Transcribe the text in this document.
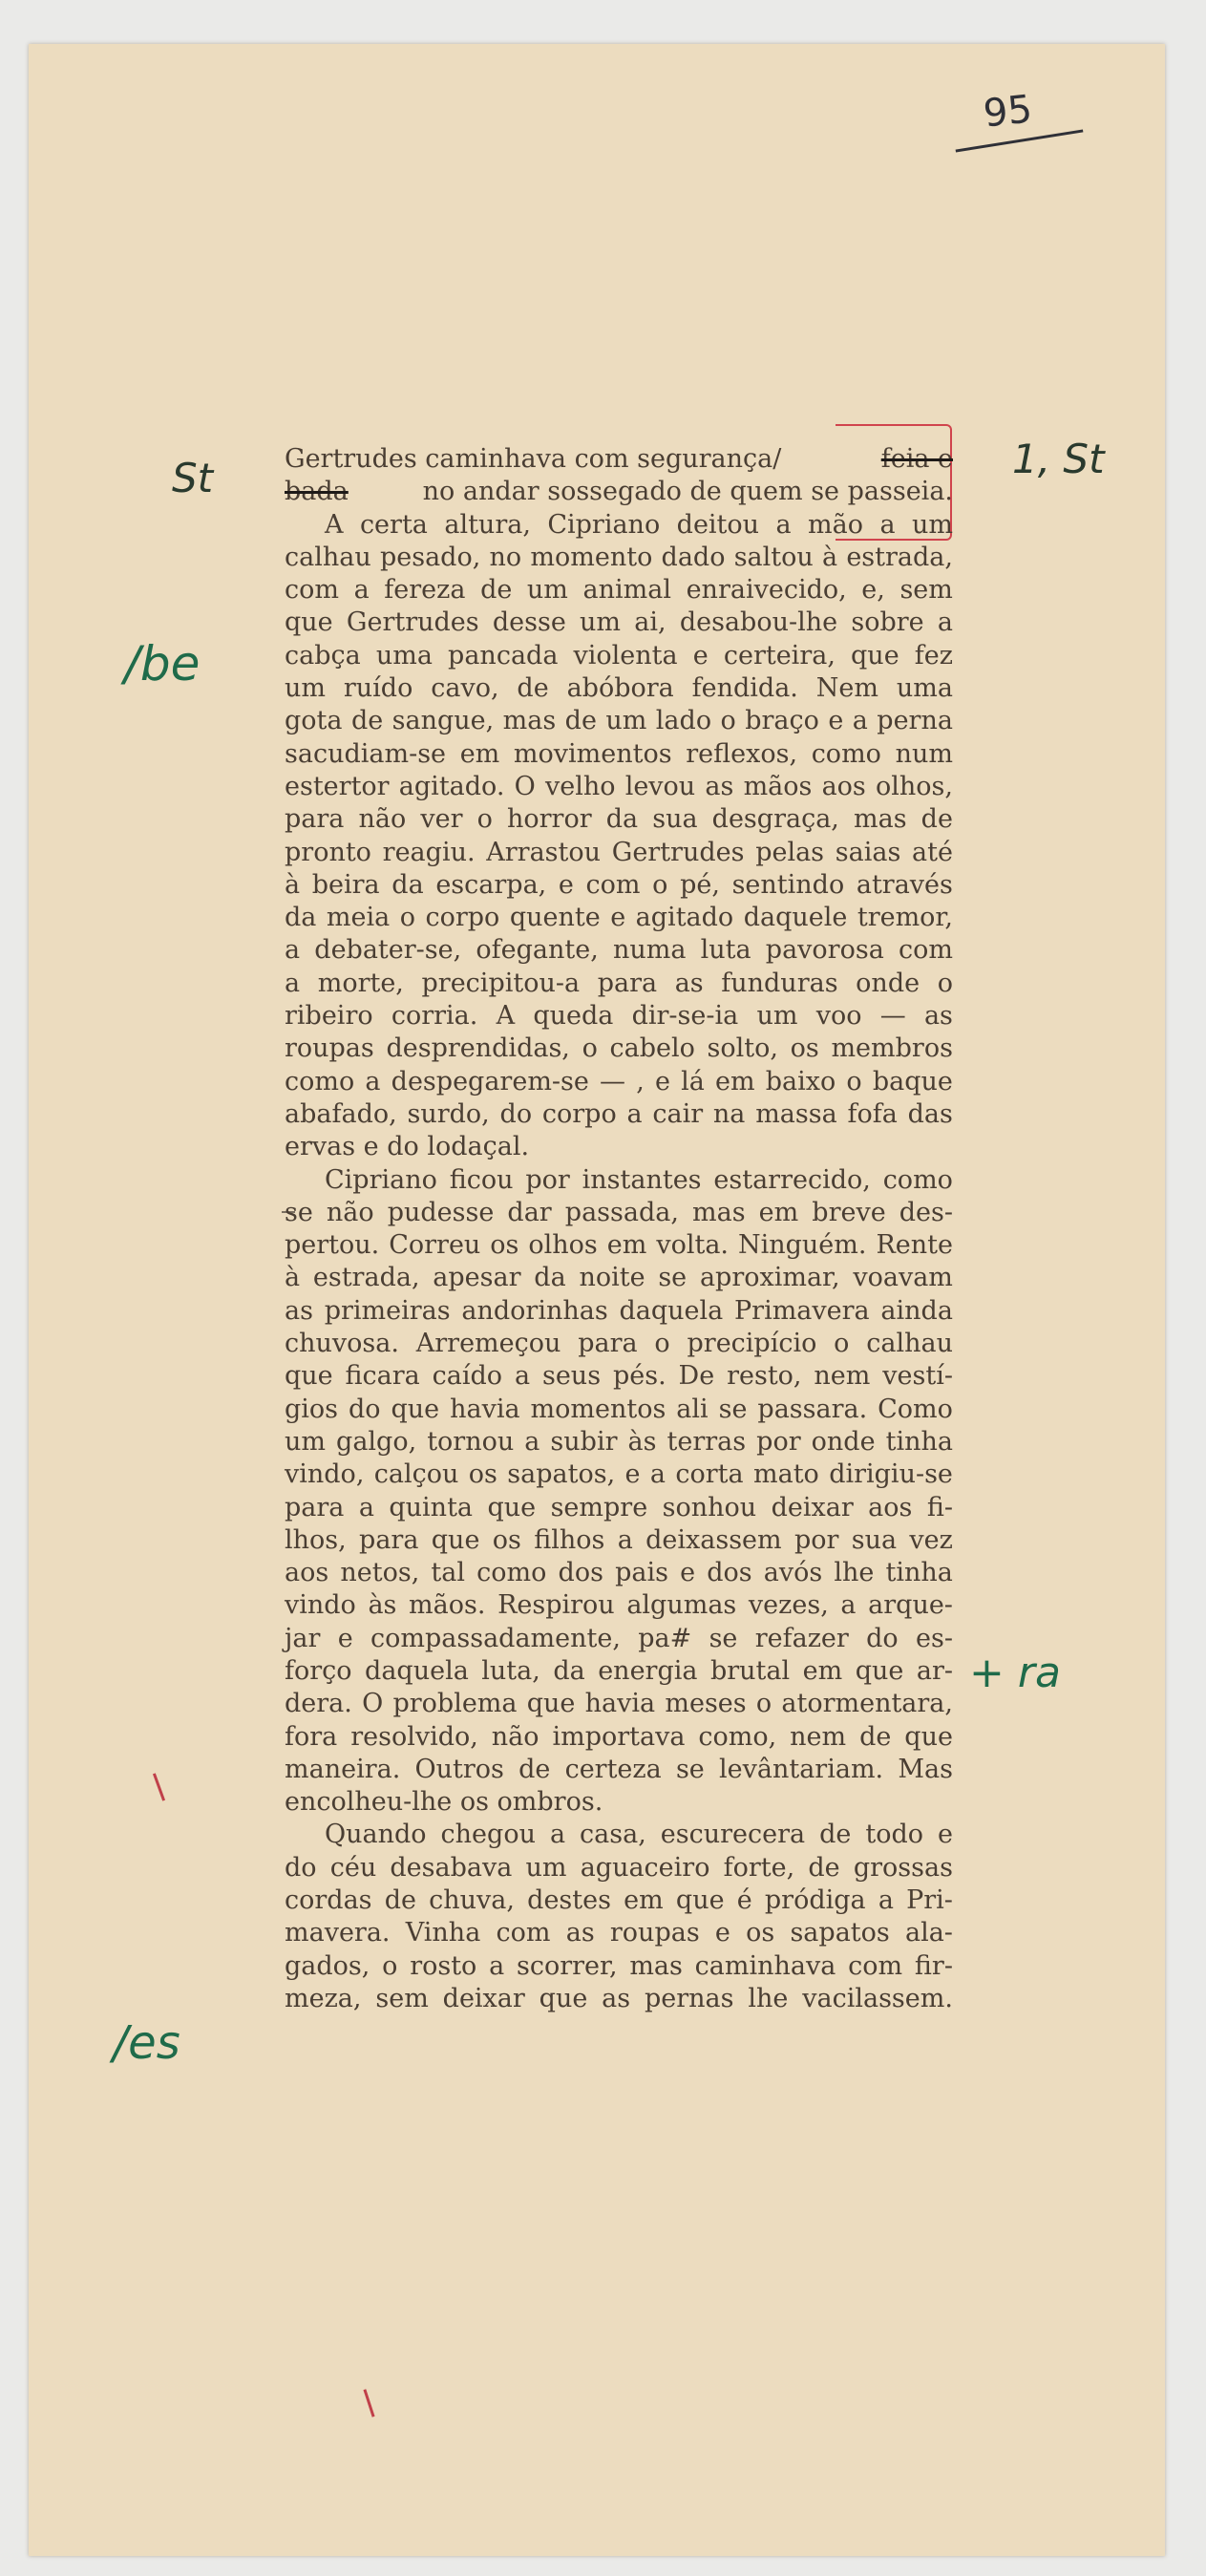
95
St	1, St
/be
+ ra
/es
Gertrudes caminhava com segurança/	feia e
bada	no andar sossegado de quem se passeia.
A certa altura, Cipriano deitou a mão a um
calhau pesado, no momento dado saltou à estrada,
com a fereza de um animal enraivecido, e, sem
que Gertrudes desse um ai, desabou-lhe sobre a
cabça uma pancada violenta e certeira, que fez
um ruído cavo, de abóbora fendida. Nem uma
gota de sangue, mas de um lado o braço e a perna
sacudiam-se em movimentos reflexos, como num
estertor agitado. O velho levou as mãos aos olhos,
para não ver o horror da sua desgraça, mas de
pronto reagiu. Arrastou Gertrudes pelas saias até
à beira da escarpa, e com o pé, sentindo através
da meia o corpo quente e agitado daquele tremor,
a debater-se, ofegante, numa luta pavorosa com
a morte, precipitou-a para as funduras onde o
ribeiro corria. A queda dir-se-ia um voo — as
roupas desprendidas, o cabelo solto, os membros
como a despegarem-se — , e lá em baixo o baque
abafado, surdo, do corpo a cair na massa fofa das
ervas e do lodaçal.
Cipriano ficou por instantes estarrecido, como
se não pudesse dar passada, mas em breve des-
pertou. Correu os olhos em volta. Ninguém. Rente
à estrada, apesar da noite se aproximar, voavam
as primeiras andorinhas daquela Primavera ainda
chuvosa. Arremeçou para o precipício o calhau
que ficara caído a seus pés. De resto, nem vestí-
gios do que havia momentos ali se passara. Como
um galgo, tornou a subir às terras por onde tinha
vindo, calçou os sapatos, e a corta mato dirigiu-se
para a quinta que sempre sonhou deixar aos fi-
lhos, para que os filhos a deixassem por sua vez
aos netos, tal como dos pais e dos avós lhe tinha
vindo às mãos. Respirou algumas vezes, a arque-
jar e compassadamente, pa# se refazer do es-
forço daquela luta, da energia brutal em que ar-
dera. O problema que havia meses o atormentara,
fora resolvido, não importava como, nem de que
maneira. Outros de certeza se levântariam. Mas
encolheu-lhe os ombros.
Quando chegou a casa, escurecera de todo e
do céu desabava um aguaceiro forte, de grossas
cordas de chuva, destes em que é pródiga a Pri-
mavera. Vinha com as roupas e os sapatos ala-
gados, o rosto a scorrer, mas caminhava com fir-
meza, sem deixar que as pernas lhe vacilassem.
